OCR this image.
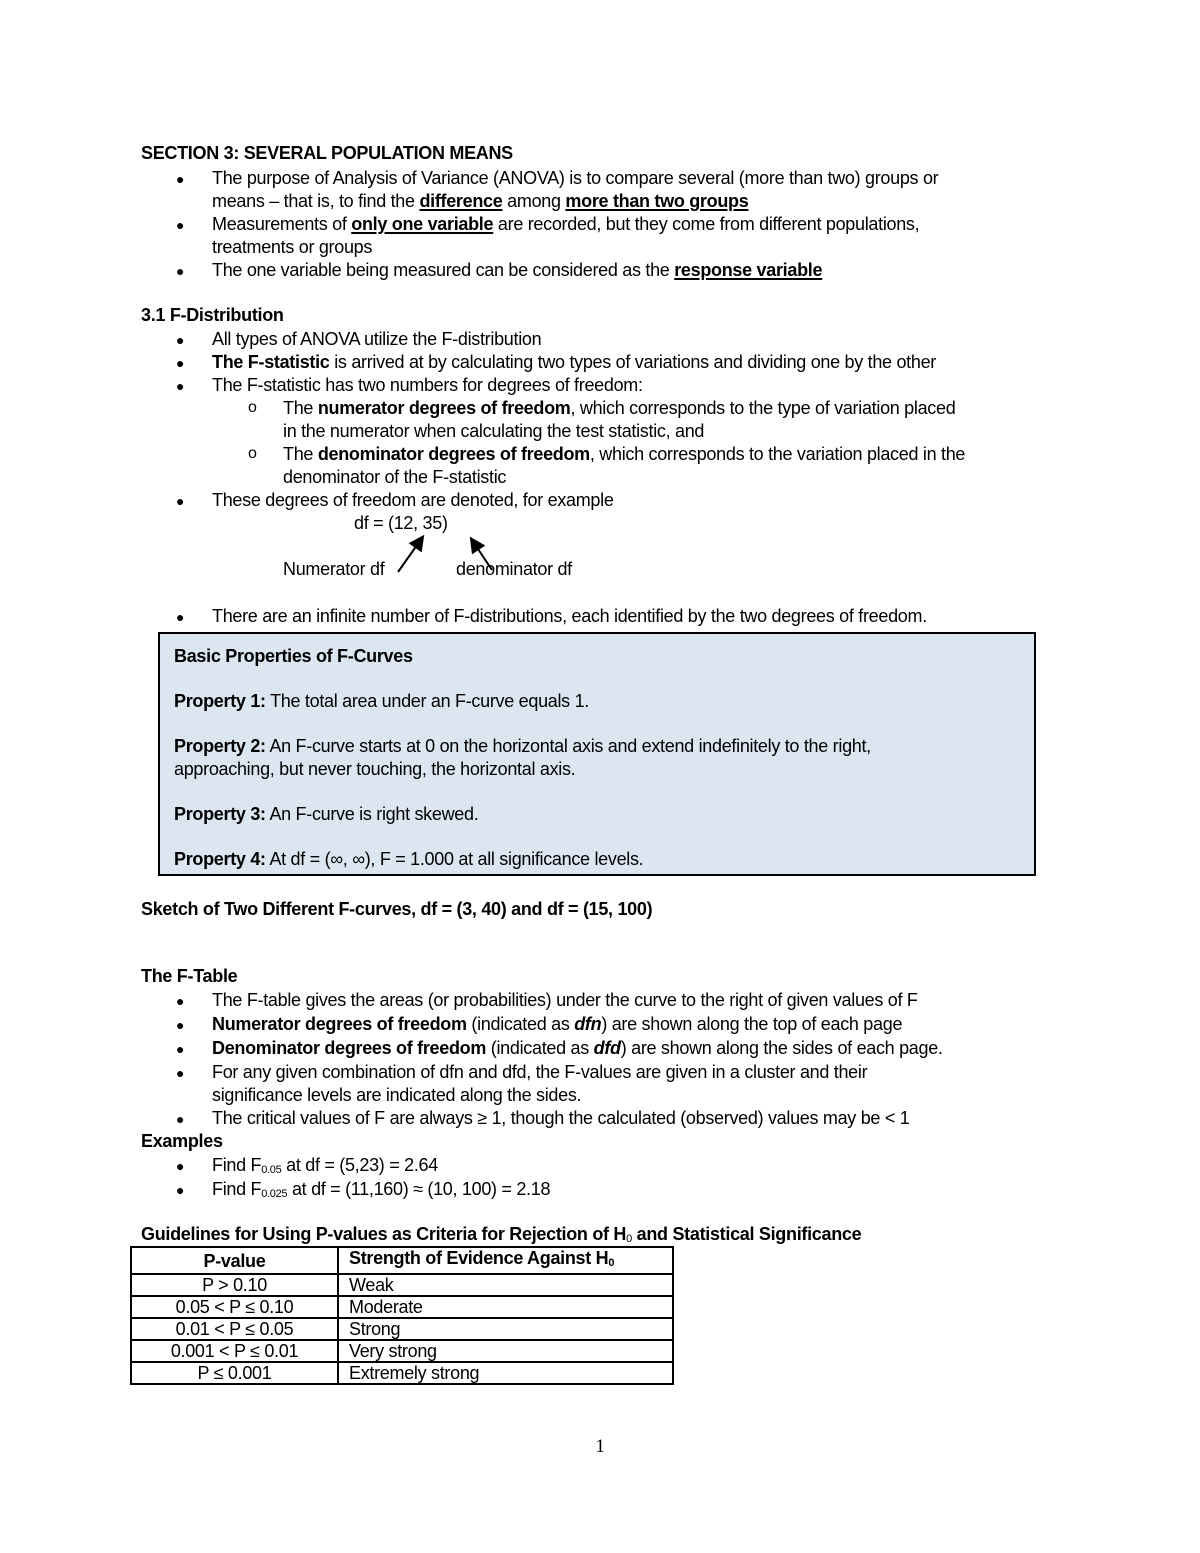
SECTION 3: SEVERAL POPULATION MEANS
● The purpose of Analysis of Variance (ANOVA) is to compare several (more than two) groups or
means – that is, to find the difference among more than two groups
● Measurements of only one variable are recorded, but they come from different populations,
treatments or groups
● The one variable being measured can be considered as the response variable
3.1 F-Distribution
● All types of ANOVA utilize the F-distribution
● The F-statistic is arrived at by calculating two types of variations and dividing one by the other
● The F-statistic has two numbers for degrees of freedom:
o The numerator degrees of freedom, which corresponds to the type of variation placed
in the numerator when calculating the test statistic, and
o The denominator degrees of freedom, which corresponds to the variation placed in the
denominator of the F-statistic
● These degrees of freedom are denoted, for example
df = (12, 35)
Numerator df	denominator df
● There are an infinite number of F-distributions, each identified by the two degrees of freedom.
Basic Properties of F-Curves
Property 1: The total area under an F-curve equals 1.
Property 2: An F-curve starts at 0 on the horizontal axis and extend indefinitely to the right,
approaching, but never touching, the horizontal axis.
Property 3: An F-curve is right skewed.
Property 4: At df = (∞, ∞), F = 1.000 at all significance levels.
Sketch of Two Different F-curves, df = (3, 40) and df = (15, 100)
The F-Table
● The F-table gives the areas (or probabilities) under the curve to the right of given values of F
● Numerator degrees of freedom (indicated as dfn) are shown along the top of each page
● Denominator degrees of freedom (indicated as dfd) are shown along the sides of each page.
● For any given combination of dfn and dfd, the F-values are given in a cluster and their
significance levels are indicated along the sides.
● The critical values of F are always ≥ 1, though the calculated (observed) values may be < 1
Examples
● Find $F_{0.05}$ at df = (5,23) = 2.64
● Find $F_{0.025}$ at df = (11,160) ≈ (10, 100) = 2.18
Guidelines for Using P-values as Criteria for Rejection of $H_0$ and Statistical Significance
P-value	Strength of Evidence Against $H_0$
P > 0.10	Weak
0.05 < P ≤ 0.10	Moderate
0.01 < P ≤ 0.05	Strong
0.001 < P ≤ 0.01	Very strong
P ≤ 0.001	Extremely strong
1
